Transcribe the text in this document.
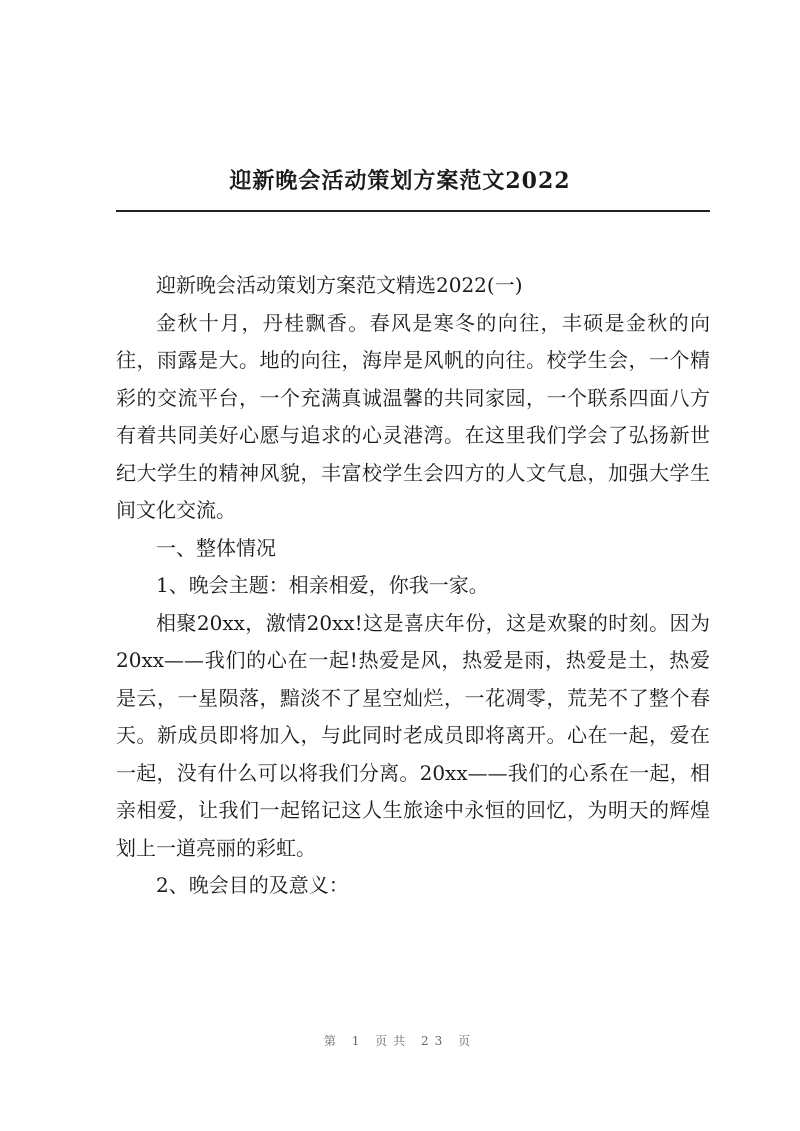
迎新晚会活动策划方案范文2022

迎新晚会活动策划方案范文精选2022(一)

金秋十月，丹桂飘香。春风是寒冬的向往，丰硕是金秋的向往，雨露是大。地的向往，海岸是风帆的向往。校学生会，一个精彩的交流平台，一个充满真诚温馨的共同家园，一个联系四面八方有着共同美好心愿与追求的心灵港湾。在这里我们学会了弘扬新世纪大学生的精神风貌，丰富校学生会四方的人文气息，加强大学生间文化交流。

一、整体情况

1、晚会主题：相亲相爱，你我一家。

相聚20xx，激情20xx!这是喜庆年份，这是欢聚的时刻。因为20xx——我们的心在一起!热爱是风，热爱是雨，热爱是土，热爱是云，一星陨落，黯淡不了星空灿烂，一花凋零，荒芜不了整个春天。新成员即将加入，与此同时老成员即将离开。心在一起，爱在一起，没有什么可以将我们分离。20xx——我们的心系在一起，相亲相爱，让我们一起铭记这人生旅途中永恒的回忆，为明天的辉煌划上一道亮丽的彩虹。

2、晚会目的及意义：

第 1 页共 23 页
